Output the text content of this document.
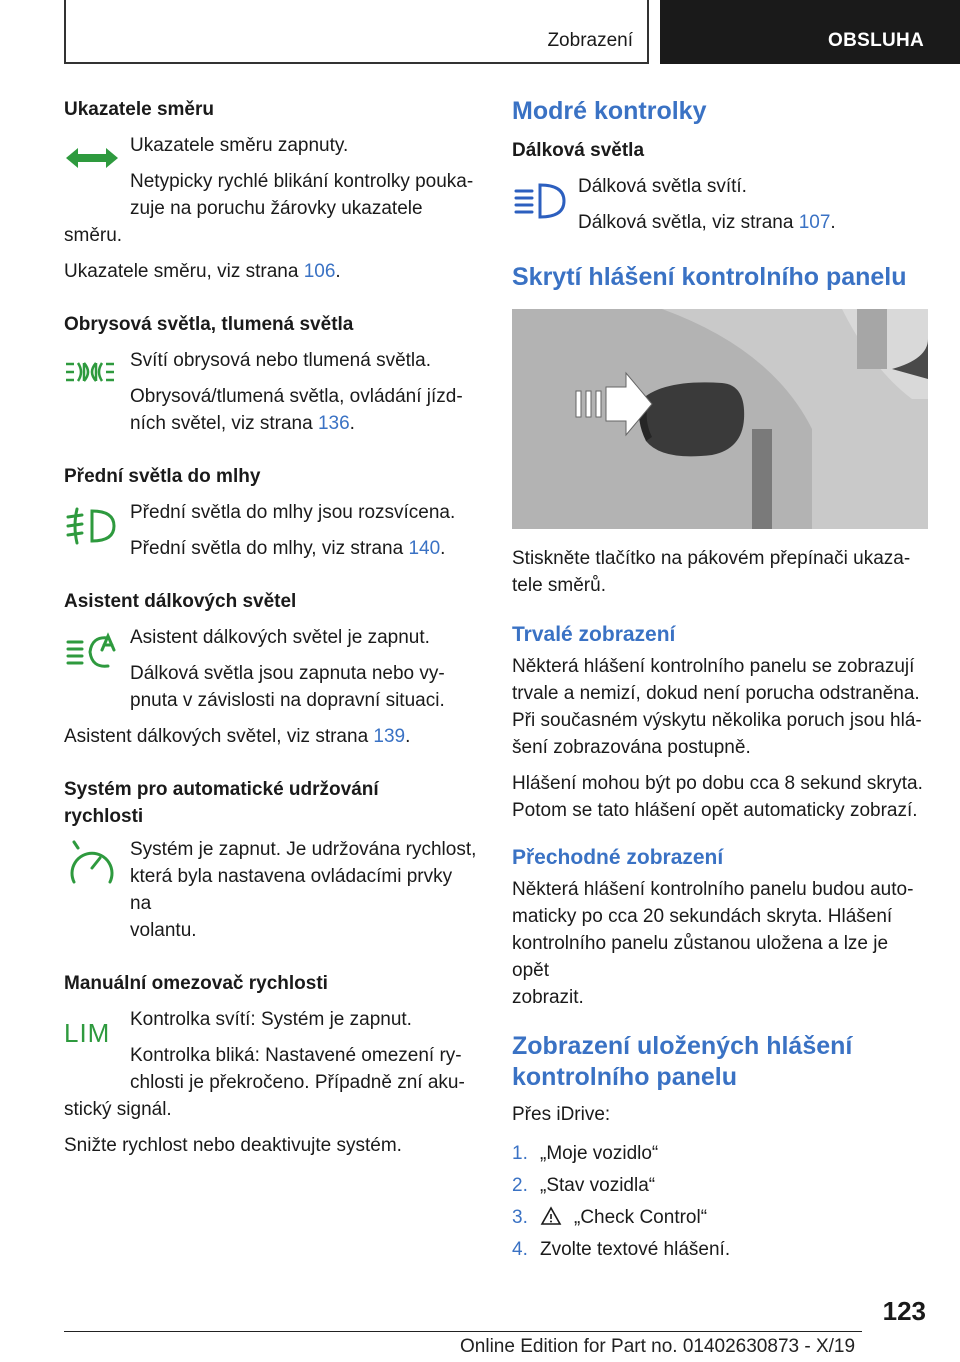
Zobrazení	OBSLUHA
Ukazatele směru

Ukazatele směru zapnuty.

Netypicky rychlé blikání kontrolky pouka-

zuje na poruchu žárovky ukazatele

směru.

Ukazatele směru, viz strana 106.

Obrysová světla, tlumená světla

Svítí obrysová nebo tlumená světla.

Obrysová/tlumená světla, ovládání jízd-

ních světel, viz strana 136.

Přední světla do mlhy

Přední světla do mlhy jsou rozsvícena.

Přední světla do mlhy, viz strana 140.

Asistent dálkových světel

Asistent dálkových světel je zapnut.

Dálková světla jsou zapnuta nebo vy-

pnuta v závislosti na dopravní situaci.

Asistent dálkových světel, viz strana 139.

Systém pro automatické udržování
rychlosti

Systém je zapnut. Je udržována rychlost,

která byla nastavena ovládacími prvky na

volantu.

Manuální omezovač rychlosti
LIM	Kontrolka svítí: Systém je zapnut.

Kontrolka bliká: Nastavené omezení ry-

chlosti je překročeno. Případně zní aku-

stický signál.

Snižte rychlost nebo deaktivujte systém.

Modré kontrolky
Dálková světla

Dálková světla svítí.

Dálková světla, viz strana 107.

Skrytí hlášení kontrolního panelu

Stiskněte tlačítko na pákovém přepínači ukaza-
tele směrů.

Trvalé zobrazení

Některá hlášení kontrolního panelu se zobrazují
trvale a nemizí, dokud není porucha odstraněna.
Při současném výskytu několika poruch jsou hlá-
šení zobrazována postupně.

Hlášení mohou být po dobu cca 8 sekund skryta.
Potom se tato hlášení opět automaticky zobrazí.

Přechodné zobrazení

Některá hlášení kontrolního panelu budou auto-
maticky po cca 20 sekundách skryta. Hlášení
kontrolního panelu zůstanou uložena a lze je opět
zobrazit.

Zobrazení uložených hlášení
kontrolního panelu

Přes iDrive:

1. „Moje vozidlo“
2. „Stav vozidla“
3. „Check Control“
4. Zvolte textové hlášení.
123
Online Edition for Part no. 01402630873 - X/19
